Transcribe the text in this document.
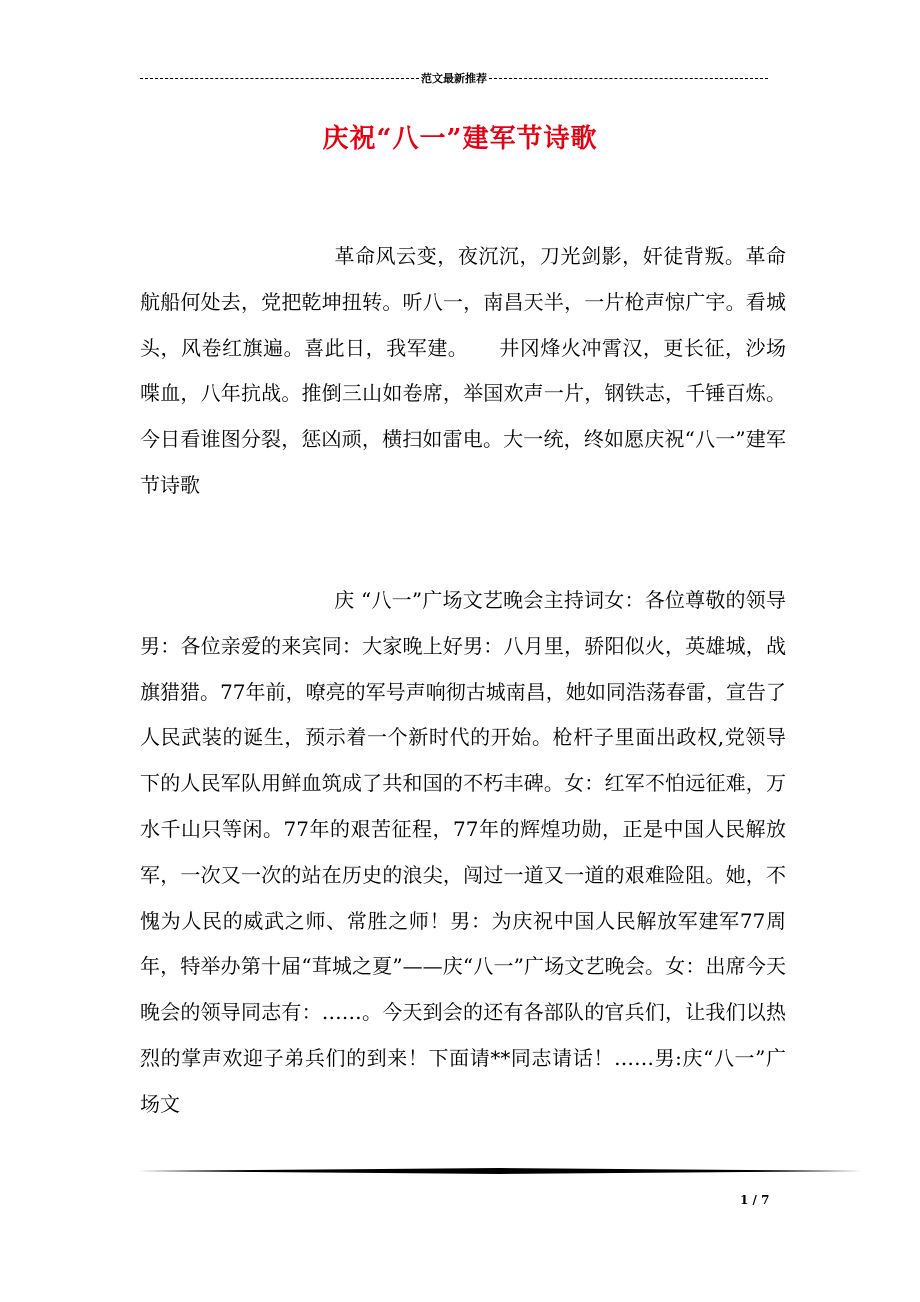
范文最新推荐
庆祝“八一”建军节诗歌
革命风云变，夜沉沉，刀光剑影，奸徒背叛。革命航船何处去，党把乾坤扭转。听八一，南昌天半，一片枪声惊广宇。看城头，风卷红旗遍。喜此日，我军建。　　井冈烽火冲霄汉，更长征，沙场喋血，八年抗战。推倒三山如卷席，举国欢声一片，钢铁志，千锤百炼。今日看谁图分裂，惩凶顽，横扫如雷电。大一统，终如愿庆祝“八一”建军节诗歌
庆 “八一”广场文艺晚会主持词女：各位尊敬的领导男：各位亲爱的来宾同：大家晚上好男：八月里，骄阳似火，英雄城，战旗猎猎。77年前，嘹亮的军号声响彻古城南昌，她如同浩荡春雷，宣告了人民武装的诞生，预示着一个新时代的开始。枪杆子里面出政权,党领导下的人民军队用鲜血筑成了共和国的不朽丰碑。女：红军不怕远征难，万水千山只等闲。77年的艰苦征程，77年的辉煌功勋，正是中国人民解放军，一次又一次的站在历史的浪尖，闯过一道又一道的艰难险阻。她，不愧为人民的威武之师、常胜之师！男：为庆祝中国人民解放军建军77周年，特举办第十届“茸城之夏”——庆“八一”广场文艺晚会。女：出席今天晚会的领导同志有：……。今天到会的还有各部队的官兵们，让我们以热烈的掌声欢迎子弟兵们的到来！下面请**同志请话！……男:庆“八一”广场文
1 / 7
